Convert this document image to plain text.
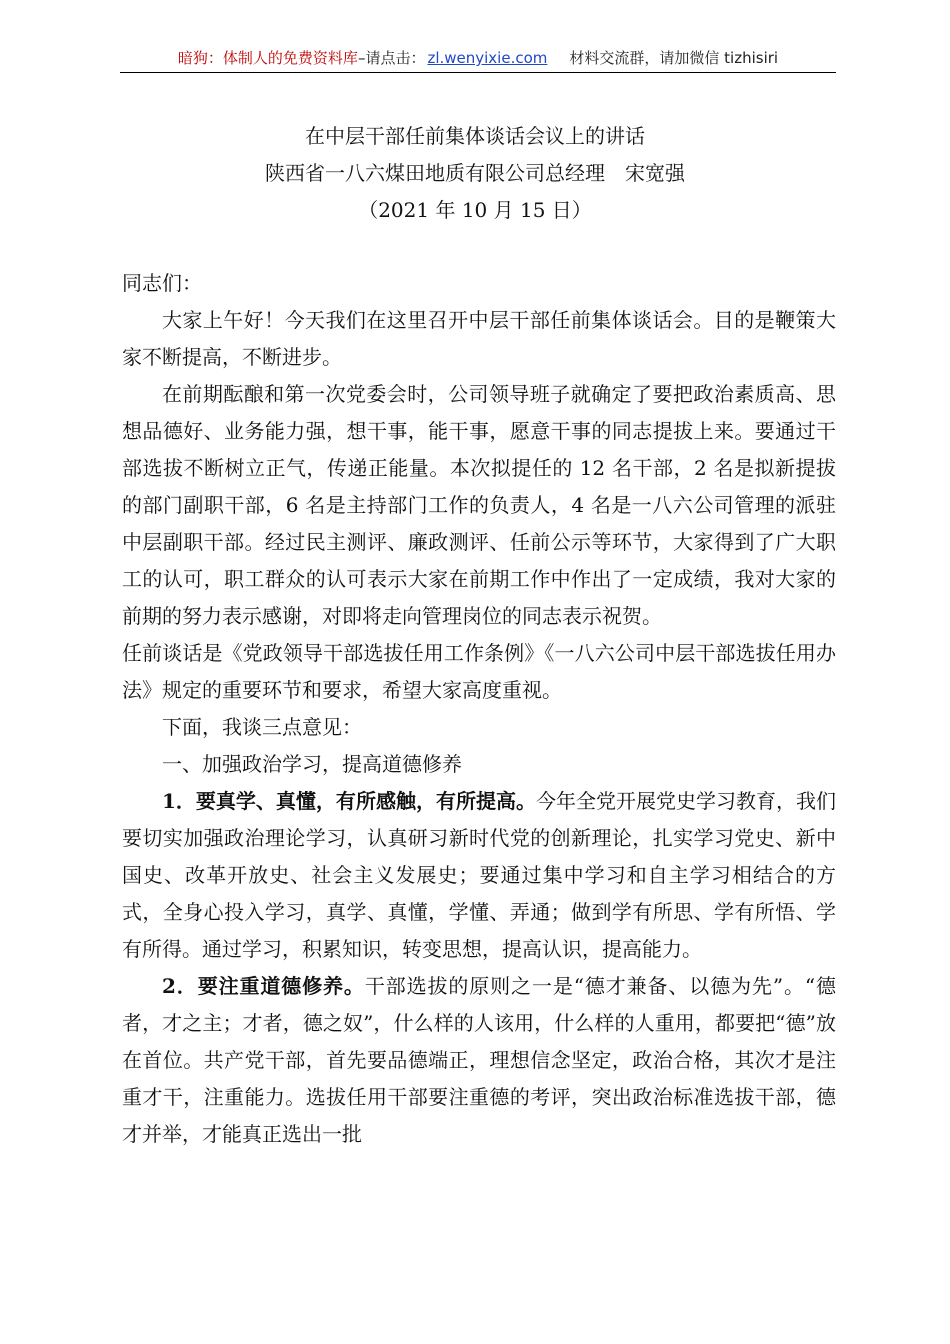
暗狗：体制人的免费资料库–请点击： zl.wenyixie.com 材料交流群，请加微信 tizhisiri
在中层干部任前集体谈话会议上的讲话
陕西省一八六煤田地质有限公司总经理　宋宽强
（2021 年 10 月 15 日）

同志们：

大家上午好！今天我们在这里召开中层干部任前集体谈话会。目的是鞭策大家不断提高，不断进步。

在前期酝酿和第一次党委会时，公司领导班子就确定了要把政治素质高、思想品德好、业务能力强，想干事，能干事，愿意干事的同志提拔上来。要通过干部选拔不断树立正气，传递正能量。本次拟提任的 12 名干部，2 名是拟新提拔的部门副职干部，6 名是主持部门工作的负责人，4 名是一八六公司管理的派驻中层副职干部。经过民主测评、廉政测评、任前公示等环节，大家得到了广大职工的认可，职工群众的认可表示大家在前期工作中作出了一定成绩，我对大家的前期的努力表示感谢，对即将走向管理岗位的同志表示祝贺。

任前谈话是《党政领导干部选拔任用工作条例》《一八六公司中层干部选拔任用办法》规定的重要环节和要求，希望大家高度重视。

下面，我谈三点意见：

一、加强政治学习，提高道德修养

1．要真学、真懂，有所感触，有所提高。今年全党开展党史学习教育，我们要切实加强政治理论学习，认真研习新时代党的创新理论，扎实学习党史、新中国史、改革开放史、社会主义发展史；要通过集中学习和自主学习相结合的方式，全身心投入学习，真学、真懂，学懂、弄通；做到学有所思、学有所悟、学有所得。通过学习，积累知识，转变思想，提高认识，提高能力。

2．要注重道德修养。干部选拔的原则之一是“德才兼备、以德为先”。“德者，才之主；才者，德之奴”，什么样的人该用，什么样的人重用，都要把“德”放在首位。共产党干部，首先要品德端正，理想信念坚定，政治合格，其次才是注重才干，注重能力。选拔任用干部要注重德的考评，突出政治标准选拔干部，德才并举，才能真正选出一批
